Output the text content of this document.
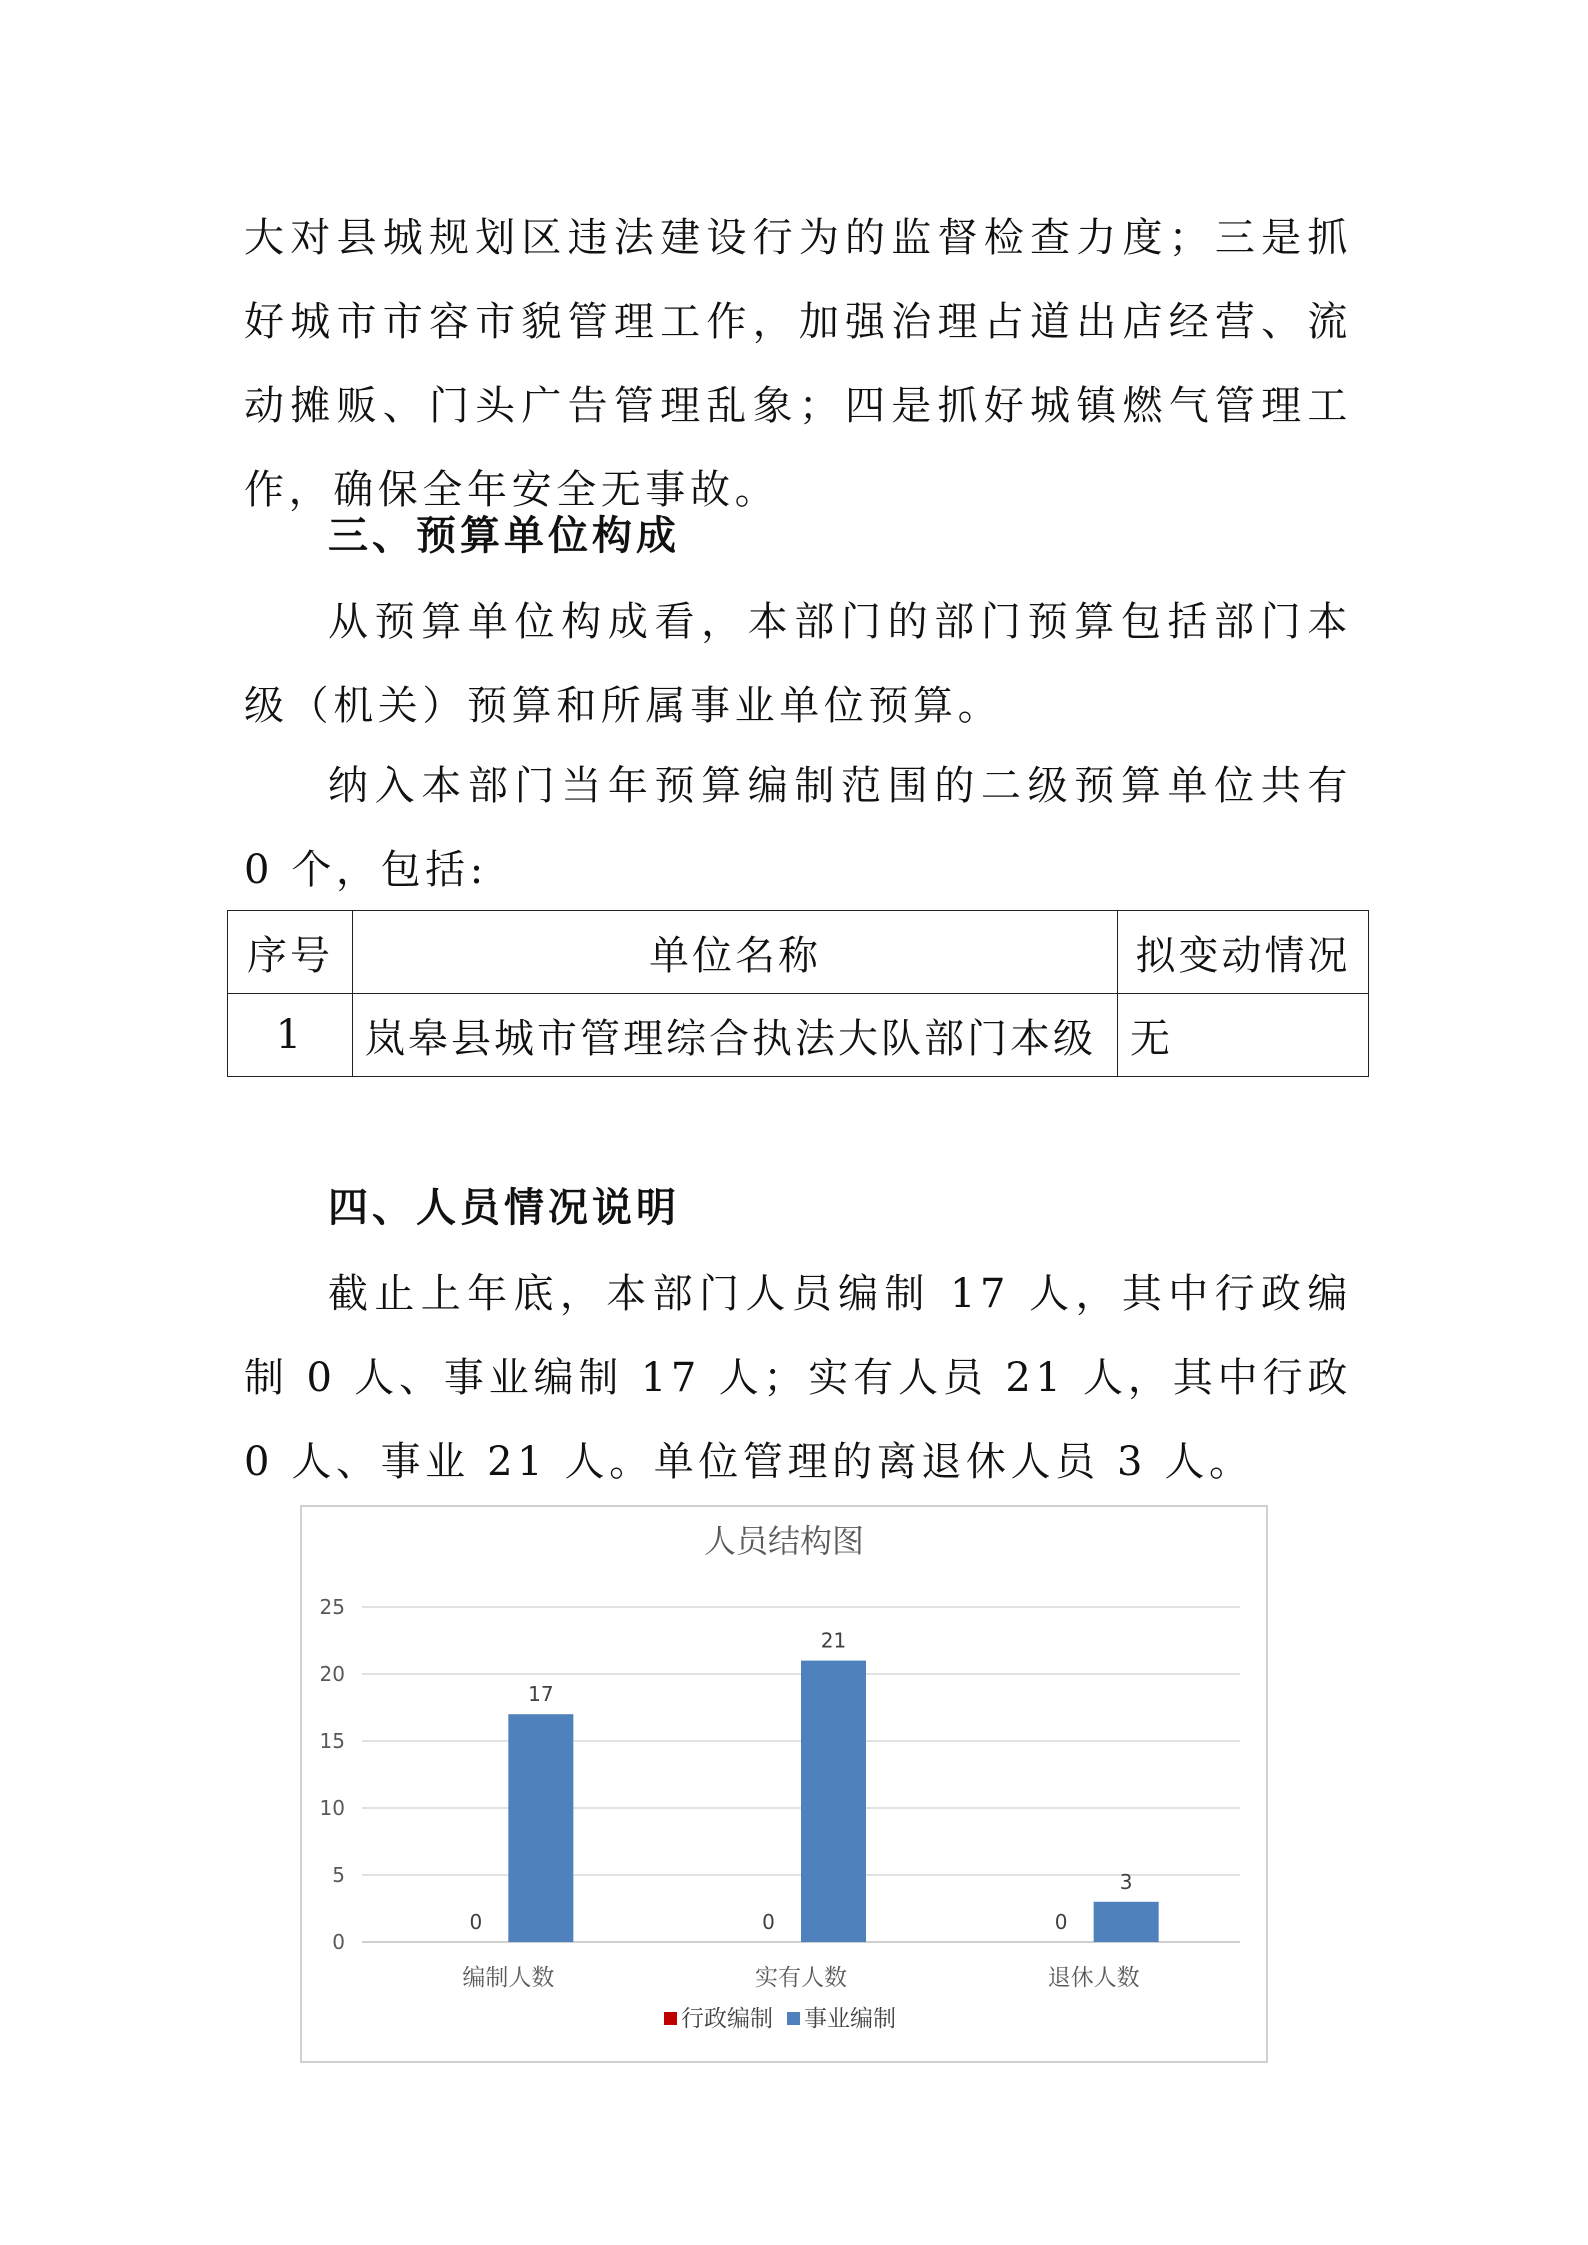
大对县城规划区违法建设行为的监督检查力度；三是抓好城市市容市貌管理工作，加强治理占道出店经营、流动摊贩、门头广告管理乱象；四是抓好城镇燃气管理工作，确保全年安全无事故。

三、预算单位构成

从预算单位构成看，本部门的部门预算包括部门本级（机关）预算和所属事业单位预算。

纳入本部门当年预算编制范围的二级预算单位共有 0 个，包括:

序号	单位名称	拟变动情况
1	岚皋县城市管理综合执法大队部门本级	无
四、人员情况说明

截止上年底，本部门人员编制 17 人，其中行政编制 0 人、事业编制 17 人；实有人员 21 人，其中行政 0 人、事业 21 人。单位管理的离退休人员 3 人。

人员结构图
0
5
10
15
20
25
编制人数
0
17
实有人数
0
21
退休人数
0
3
行政编制 事业编制
